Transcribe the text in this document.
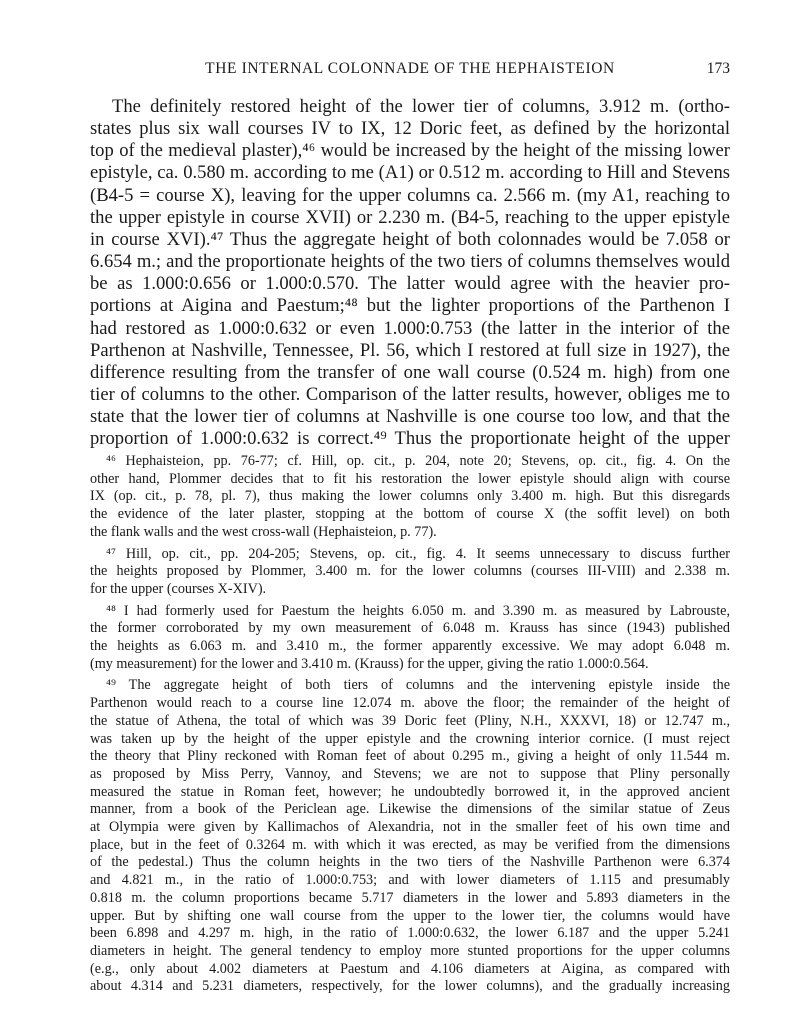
THE INTERNAL COLONNADE OF THE HEPHAISTEION	173
The definitely restored height of the lower tier of columns, 3.912 m. (ortho-
states plus six wall courses IV to IX, 12 Doric feet, as defined by the horizontal
top of the medieval plaster),⁴⁶ would be increased by the height of the missing lower
epistyle, ca. 0.580 m. according to me (A1) or 0.512 m. according to Hill and Stevens
(B4-5 = course X), leaving for the upper columns ca. 2.566 m. (my A1, reaching to
the upper epistyle in course XVII) or 2.230 m. (B4-5, reaching to the upper epistyle
in course XVI).⁴⁷ Thus the aggregate height of both colonnades would be 7.058 or
6.654 m.; and the proportionate heights of the two tiers of columns themselves would
be as 1.000:0.656 or 1.000:0.570. The latter would agree with the heavier pro-
portions at Aigina and Paestum;⁴⁸ but the lighter proportions of the Parthenon I
had restored as 1.000:0.632 or even 1.000:0.753 (the latter in the interior of the
Parthenon at Nashville, Tennessee, Pl. 56, which I restored at full size in 1927), the
difference resulting from the transfer of one wall course (0.524 m. high) from one
tier of columns to the other. Comparison of the latter results, however, obliges me to
state that the lower tier of columns at Nashville is one course too low, and that the
proportion of 1.000:0.632 is correct.⁴⁹ Thus the proportionate height of the upper
⁴⁶ Hephaisteion, pp. 76-77; cf. Hill, op. cit., p. 204, note 20; Stevens, op. cit., fig. 4. On the
other hand, Plommer decides that to fit his restoration the lower epistyle should align with course
IX (op. cit., p. 78, pl. 7), thus making the lower columns only 3.400 m. high. But this disregards
the evidence of the later plaster, stopping at the bottom of course X (the soffit level) on both
the flank walls and the west cross-wall (Hephaisteion, p. 77).
⁴⁷ Hill, op. cit., pp. 204-205; Stevens, op. cit., fig. 4. It seems unnecessary to discuss further
the heights proposed by Plommer, 3.400 m. for the lower columns (courses III-VIII) and 2.338 m.
for the upper (courses X-XIV).
⁴⁸ I had formerly used for Paestum the heights 6.050 m. and 3.390 m. as measured by Labrouste,
the former corroborated by my own measurement of 6.048 m. Krauss has since (1943) published
the heights as 6.063 m. and 3.410 m., the former apparently excessive. We may adopt 6.048 m.
(my measurement) for the lower and 3.410 m. (Krauss) for the upper, giving the ratio 1.000:0.564.
⁴⁹ The aggregate height of both tiers of columns and the intervening epistyle inside the
Parthenon would reach to a course line 12.074 m. above the floor; the remainder of the height of
the statue of Athena, the total of which was 39 Doric feet (Pliny, N.H., XXXVI, 18) or 12.747 m.,
was taken up by the height of the upper epistyle and the crowning interior cornice. (I must reject
the theory that Pliny reckoned with Roman feet of about 0.295 m., giving a height of only 11.544 m.
as proposed by Miss Perry, Vannoy, and Stevens; we are not to suppose that Pliny personally
measured the statue in Roman feet, however; he undoubtedly borrowed it, in the approved ancient
manner, from a book of the Periclean age. Likewise the dimensions of the similar statue of Zeus
at Olympia were given by Kallimachos of Alexandria, not in the smaller feet of his own time and
place, but in the feet of 0.3264 m. with which it was erected, as may be verified from the dimensions
of the pedestal.) Thus the column heights in the two tiers of the Nashville Parthenon were 6.374
and 4.821 m., in the ratio of 1.000:0.753; and with lower diameters of 1.115 and presumably
0.818 m. the column proportions became 5.717 diameters in the lower and 5.893 diameters in the
upper. But by shifting one wall course from the upper to the lower tier, the columns would have
been 6.898 and 4.297 m. high, in the ratio of 1.000:0.632, the lower 6.187 and the upper 5.241
diameters in height. The general tendency to employ more stunted proportions for the upper columns
(e.g., only about 4.002 diameters at Paestum and 4.106 diameters at Aigina, as compared with
about 4.314 and 5.231 diameters, respectively, for the lower columns), and the gradually increasing
